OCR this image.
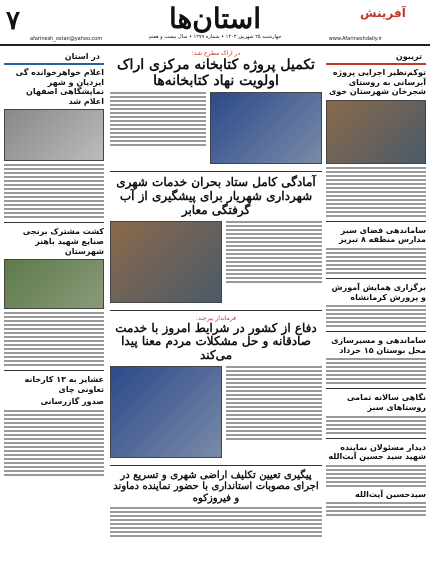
۷	استان‌ها	آفرینش
چهارشنبه ۲۵ شهریور ۱۴۰۳ • شماره ۱۲۷۹ • سال بیست و هفتم	www.Afarineshdaily.ir
afarinesh_ostan@yahoo.com
تریبون
توکم‌نظیر اجرایی پروژه آبرسانی به روستای شجرخان شهرستان خوی
ساماندهی فضای سبز مدارس منطقه ۸ تبریز
برگزاری همایش آموزش و پرورش کرمانشاه
ساماندهی و مسیرسازی محل بوستان ۱۵ خرداد
نگاهی سالانه تمامی روستاهای سبز
دیدار مسئولان نماینده شهید سید حسین آیت‌الله
سیدحسین آیت‌الله
در اراک مطرح شد:
تکمیل پروژه کتابخانه مرکزی اراک اولویت نهاد کتابخانه‌ها
آمادگی کامل ستاد بحران خدمات شهری شهرداری شهریار برای پیشگیری از آب گرفتگی معابر
فرماندار بیرجند:
دفاع از کشور در شرایط امروز با خدمت صادقانه و حل مشکلات مردم معنا پیدا می‌کند
پیگیری تعیین تکلیف اراضی شهری و تسریع در اجرای مصوبات استانداری با حضور نماینده دماوند و فیروزکوه
در استان
اعلام خواهرخوانده گی ایزدیان و شهر نمایشگاهی اصفهان اعلام شد
کشت مشترک برنجی صنایع شهید باهنر شهرستان
عشایر به ۱۳ کارخانه تعاونی چای
صدور گازرسانی
